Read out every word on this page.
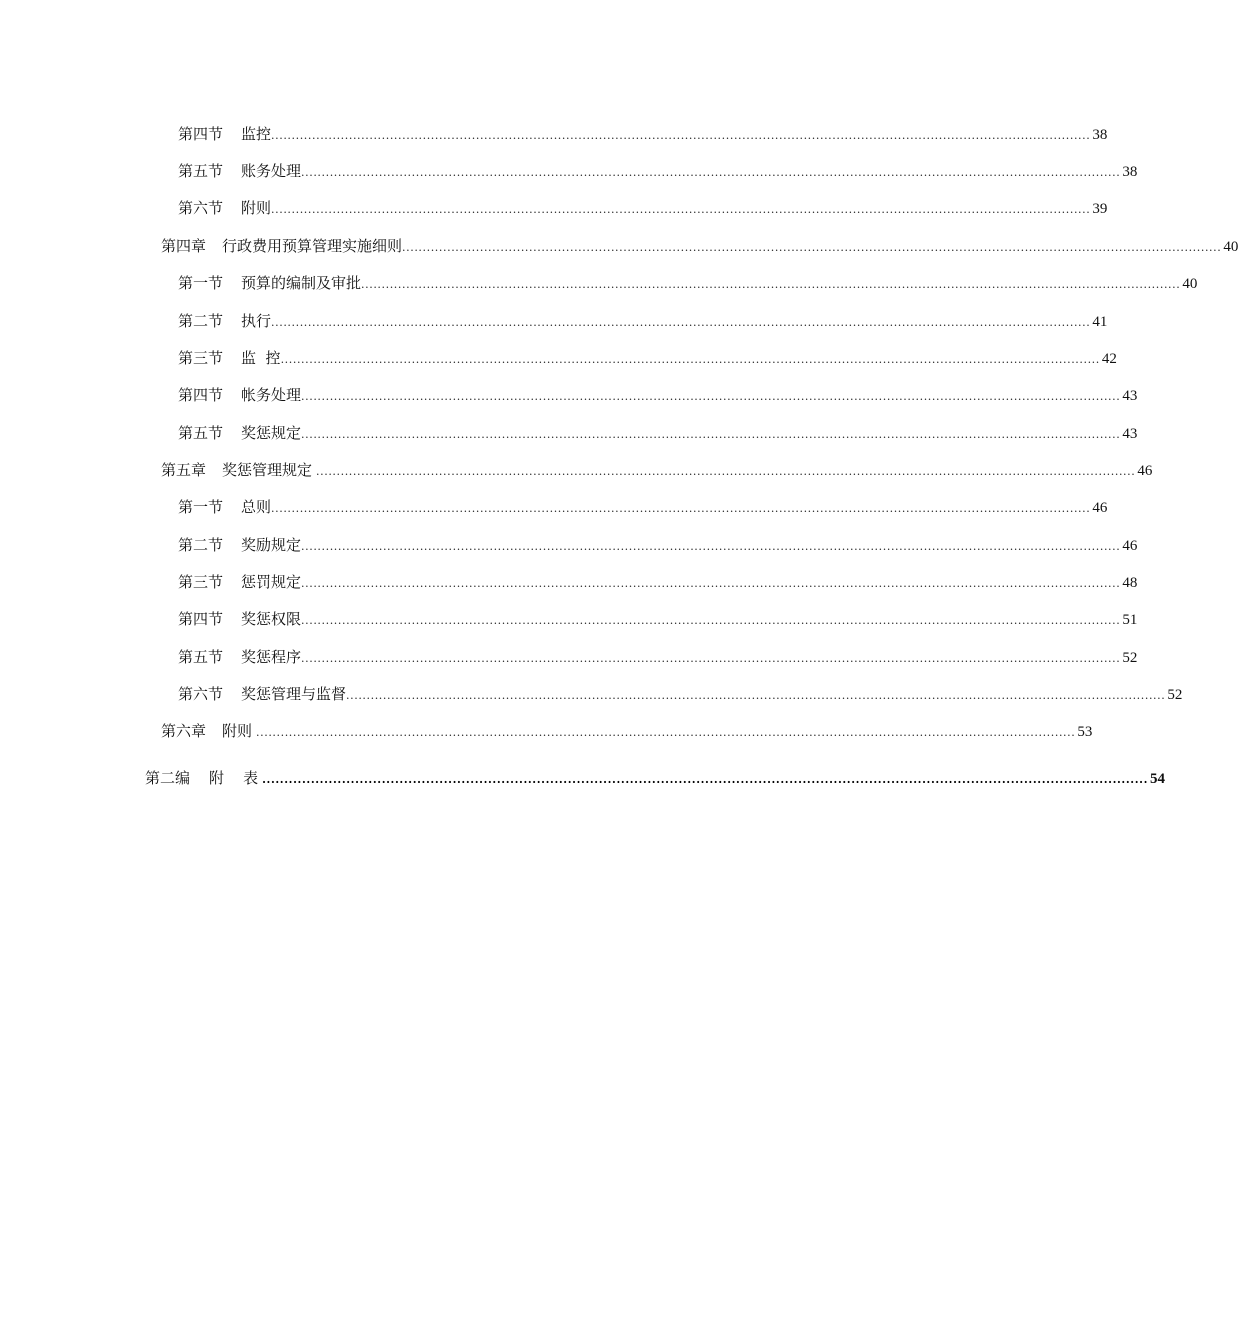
第四节 监控 ........................................................................................................................................................................................................ 38
第五节 账务处理 ........................................................................................................................................................................................................ 38
第六节 附则 ........................................................................................................................................................................................................ 39
第四章 行政费用预算管理实施细则 ........................................................................................................................................................................................................ 40
第一节 预算的编制及审批 ........................................................................................................................................................................................................ 40
第二节 执行 ........................................................................................................................................................................................................ 41
第三节 监  控 ........................................................................................................................................................................................................ 42
第四节 帐务处理 ........................................................................................................................................................................................................ 43
第五节 奖惩规定 ........................................................................................................................................................................................................ 43
第五章 奖惩管理规定 ........................................................................................................................................................................................................ 46
第一节 总则 ........................................................................................................................................................................................................ 46
第二节 奖励规定 ........................................................................................................................................................................................................ 46
第三节 惩罚规定 ........................................................................................................................................................................................................ 48
第四节 奖惩权限 ........................................................................................................................................................................................................ 51
第五节 奖惩程序 ........................................................................................................................................................................................................ 52
第六节 奖惩管理与监督 ........................................................................................................................................................................................................ 52
第六章 附则 ........................................................................................................................................................................................................ 53
第二编 附    表 ........................................................................................................................................................................................................ 54
